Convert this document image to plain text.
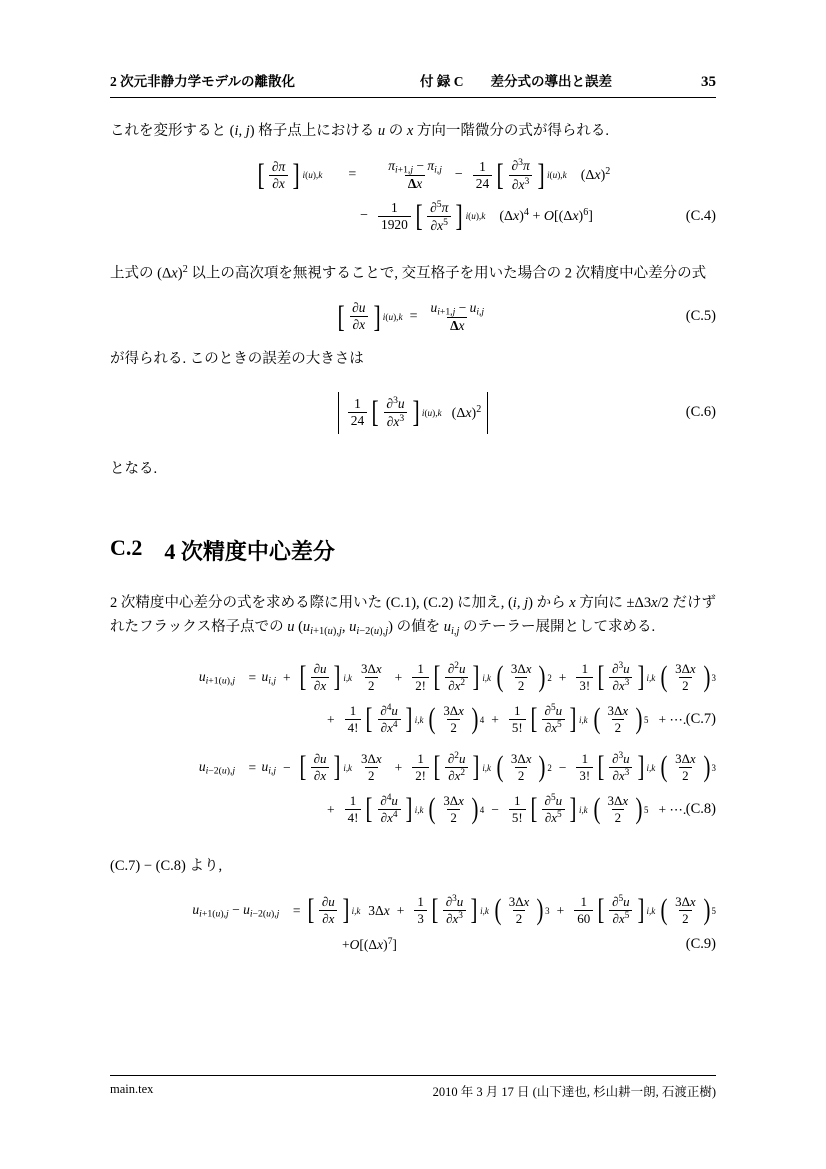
2 次元非静力学モデルの離散化	付 録 C　　差分式の導出と誤差	35
これを変形すると (i, j) 格子点上における u の x 方向一階微分の式が得られる.
[ $\frac{\partial\pi}{\partial x}$ ] $i(u),k = \frac{\pi_{i+1,j} - \pi_{i,j}}{\Delta x} - \frac{1}{24}$ [ $\frac{\partial^3\pi}{\partial x^3}$ ] i(u),k $(\Delta x)^2$
− $\frac{1}{1920}$ [ $\frac{\partial^5\pi}{\partial x^5}$ ] i(u),k $(\Delta x)^4 + O[(\Delta x)^6]$	(C.4)
上式の $(\Delta x)^2$ 以上の高次項を無視することで, 交互格子を用いた場合の 2 次精度中心差分の式
[ $\frac{\partial u}{\partial x}$ ] $i(u),k = \frac{u_{i+1,j} - u_{i,j}}{\Delta x}$	(C.5)
が得られる. このときの誤差の大きさは
$\frac{1}{24}$ [ $\frac{\partial^3u}{\partial x^3}$ ] i(u),k $(\Delta x)^2$	(C.6)
となる.
C.2 4 次精度中心差分
2 次精度中心差分の式を求める際に用いた (C.1), (C.2) に加え, (i, j) から x 方向に ±Δ3x/2 だけずれたフラックス格子点での u ($u_{i+1(u),j}$, $u_{i-2(u),j}$) の値を $u_{i,j}$ のテーラー展開として求める.
$u_{i+1(u),j} = u_{i,j}$ + [ $\frac{\partial u}{\partial x}$ ] $i,k \frac{3\Delta x}{2} + \frac{1}{2!}$ [ $\frac{\partial^2u}{\partial x^2}$ ] i,k ( $\frac{3\Delta x}{2}$ ) $2 + \frac{1}{3!}$ [ $\frac{\partial^3u}{\partial x^3}$ ] i,k ( $\frac{3\Delta x}{2}$ ) 3
+ $\frac{1}{4!}$ [ $\frac{\partial^4u}{\partial x^4}$ ] i,k ( $\frac{3\Delta x}{2}$ ) $4 + \frac{1}{5!}$ [ $\frac{\partial^5u}{\partial x^5}$ ] i,k ( $\frac{3\Delta x}{2}$ ) 5 + ⋯. (C.7)
$u_{i-2(u),j} = u_{i,j}$ − [ $\frac{\partial u}{\partial x}$ ] $i,k \frac{3\Delta x}{2} + \frac{1}{2!}$ [ $\frac{\partial^2u}{\partial x^2}$ ] i,k ( $\frac{3\Delta x}{2}$ ) $2 - \frac{1}{3!}$ [ $\frac{\partial^3u}{\partial x^3}$ ] i,k ( $\frac{3\Delta x}{2}$ ) 3
+ $\frac{1}{4!}$ [ $\frac{\partial^4u}{\partial x^4}$ ] i,k ( $\frac{3\Delta x}{2}$ ) $4 - \frac{1}{5!}$ [ $\frac{\partial^5u}{\partial x^5}$ ] i,k ( $\frac{3\Delta x}{2}$ ) 5 + ⋯. (C.8)
(C.7) − (C.8) より,
$u_{i+1(u),j} - u_{i-2(u),j}$	= [ $\frac{\partial u}{\partial x}$ ] i,k $3\Delta x + \frac{1}{3}$ [ $\frac{\partial^3u}{\partial x^3}$ ] i,k ( $\frac{3\Delta x}{2}$ ) $3 + \frac{1}{60}$ [ $\frac{\partial^5u}{\partial x^5}$ ] i,k ( $\frac{3\Delta x}{2}$ ) 5
$+O[(\Delta x)^7]$	(C.9)
main.tex	2010 年 3 月 17 日 (山下達也, 杉山耕一朗, 石渡正樹)
